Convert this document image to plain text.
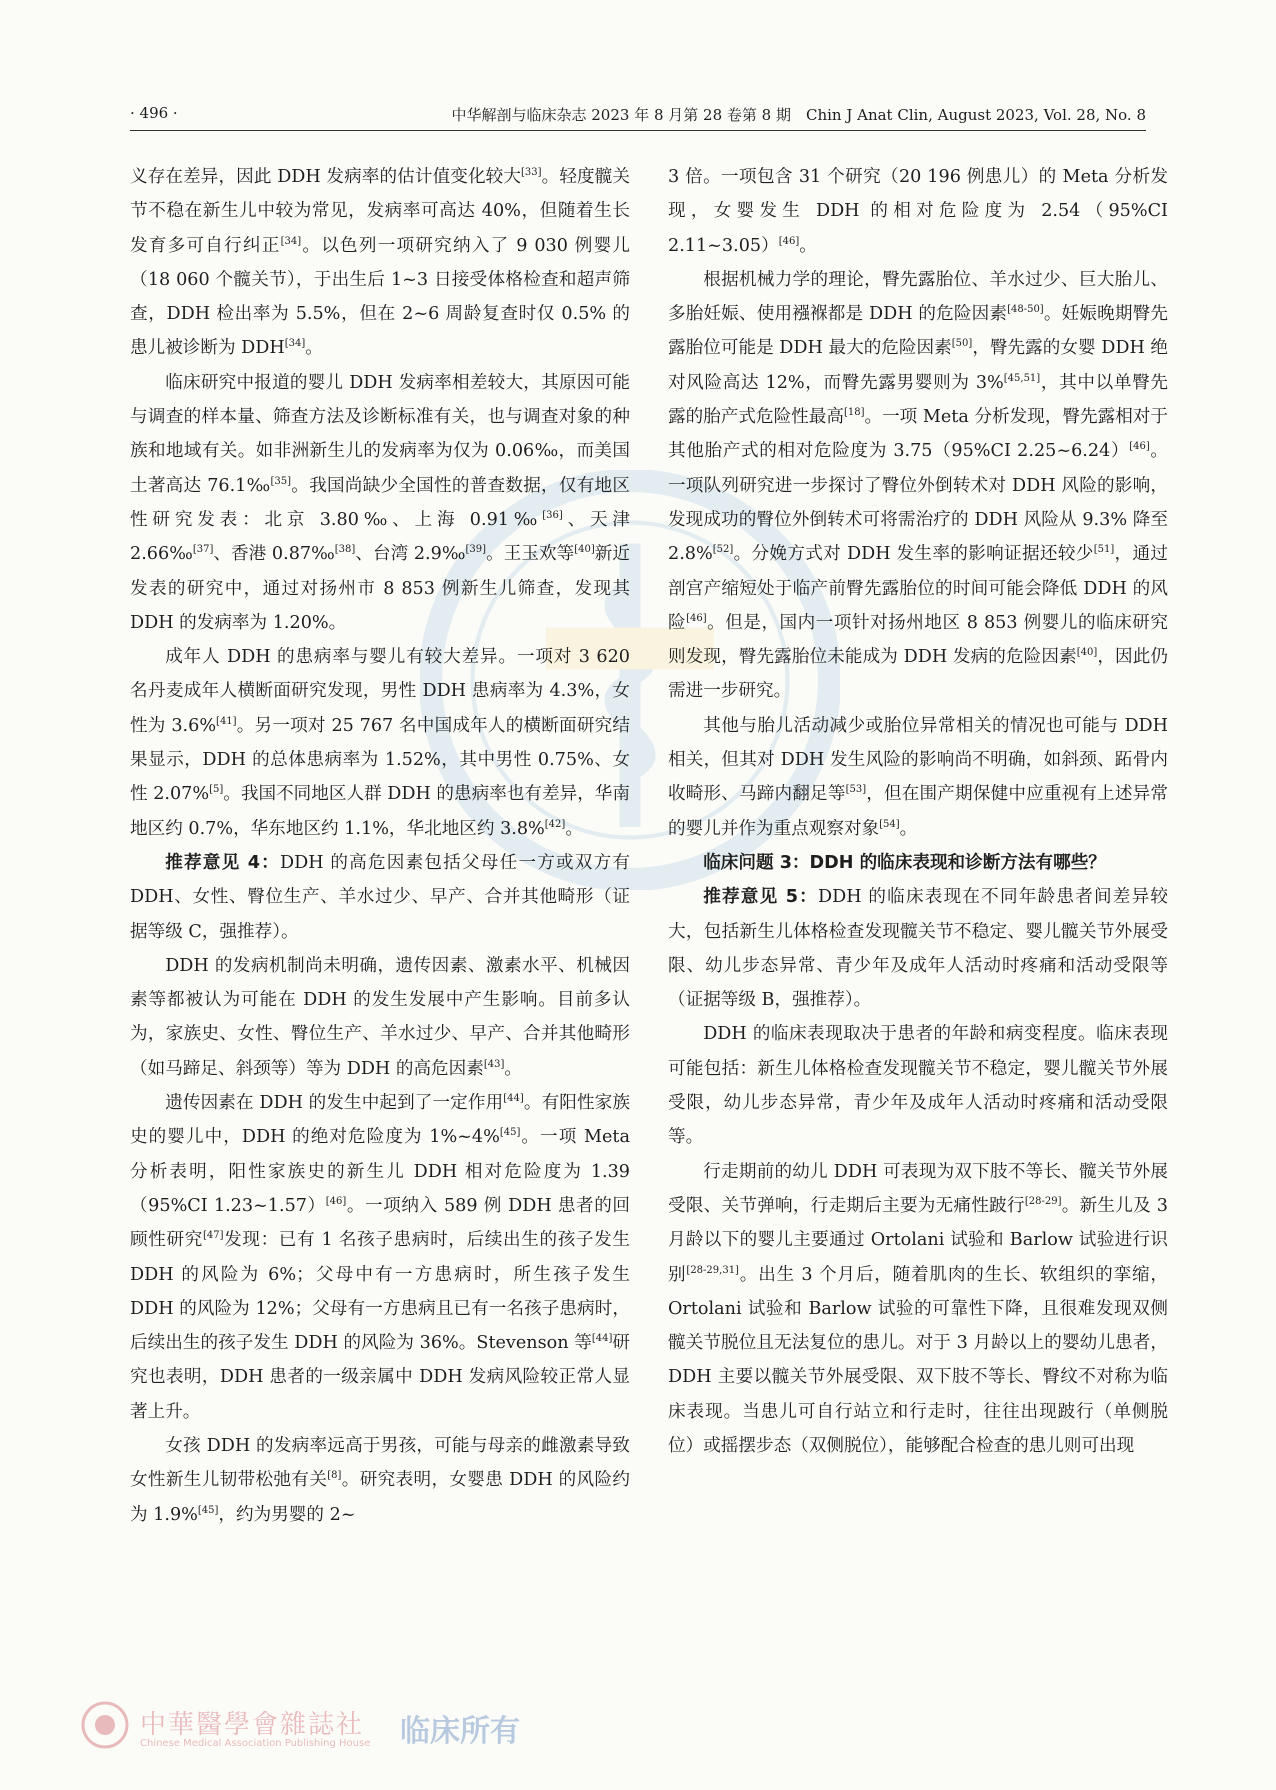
· 496 ·	中华解剖与临床杂志 2023 年 8 月第 28 卷第 8 期　Chin J Anat Clin, August 2023, Vol. 28, No. 8

义存在差异，因此 DDH 发病率的估计值变化较大[33]。轻度髋关节不稳在新生儿中较为常见，发病率可高达 40%，但随着生长发育多可自行纠正[34]。以色列一项研究纳入了 9 030 例婴儿（18 060 个髋关节），于出生后 1~3 日接受体格检查和超声筛查，DDH 检出率为 5.5%，但在 2~6 周龄复查时仅 0.5% 的患儿被诊断为 DDH[34]。

临床研究中报道的婴儿 DDH 发病率相差较大，其原因可能与调查的样本量、筛查方法及诊断标准有关，也与调查对象的种族和地域有关。如非洲新生儿的发病率为仅为 0.06‰，而美国土著高达 76.1‰[35]。我国尚缺少全国性的普查数据，仅有地区性研究发表：北京 3.80‰、上海 0.91‰[36]、天津 2.66‰[37]、香港 0.87‰[38]、台湾 2.9‰[39]。王玉欢等[40]新近发表的研究中，通过对扬州市 8 853 例新生儿筛查，发现其 DDH 的发病率为 1.20%。

成年人 DDH 的患病率与婴儿有较大差异。一项对 3 620 名丹麦成年人横断面研究发现，男性 DDH 患病率为 4.3%，女性为 3.6%[41]。另一项对 25 767 名中国成年人的横断面研究结果显示，DDH 的总体患病率为 1.52%，其中男性 0.75%、女性 2.07%[5]。我国不同地区人群 DDH 的患病率也有差异，华南地区约 0.7%，华东地区约 1.1%，华北地区约 3.8%[42]。

推荐意见 4：DDH 的高危因素包括父母任一方或双方有 DDH、女性、臀位生产、羊水过少、早产、合并其他畸形（证据等级 C，强推荐）。

DDH 的发病机制尚未明确，遗传因素、激素水平、机械因素等都被认为可能在 DDH 的发生发展中产生影响。目前多认为，家族史、女性、臀位生产、羊水过少、早产、合并其他畸形（如马蹄足、斜颈等）等为 DDH 的高危因素[43]。

遗传因素在 DDH 的发生中起到了一定作用[44]。有阳性家族史的婴儿中，DDH 的绝对危险度为 1%~4%[45]。一项 Meta 分析表明，阳性家族史的新生儿 DDH 相对危险度为 1.39（95%CI 1.23~1.57）[46]。一项纳入 589 例 DDH 患者的回顾性研究[47]发现：已有 1 名孩子患病时，后续出生的孩子发生 DDH 的风险为 6%；父母中有一方患病时，所生孩子发生 DDH 的风险为 12%；父母有一方患病且已有一名孩子患病时，后续出生的孩子发生 DDH 的风险为 36%。Stevenson 等[44]研究也表明，DDH 患者的一级亲属中 DDH 发病风险较正常人显著上升。

女孩 DDH 的发病率远高于男孩，可能与母亲的雌激素导致女性新生儿韧带松弛有关[8]。研究表明，女婴患 DDH 的风险约为 1.9%[45]，约为男婴的 2~

3 倍。一项包含 31 个研究（20 196 例患儿）的 Meta 分析发现，女婴发生 DDH 的相对危险度为 2.54（95%CI 2.11~3.05）[46]。

根据机械力学的理论，臀先露胎位、羊水过少、巨大胎儿、多胎妊娠、使用襁褓都是 DDH 的危险因素[48-50]。妊娠晚期臀先露胎位可能是 DDH 最大的危险因素[50]，臀先露的女婴 DDH 绝对风险高达 12%，而臀先露男婴则为 3%[45,51]，其中以单臀先露的胎产式危险性最高[18]。一项 Meta 分析发现，臀先露相对于其他胎产式的相对危险度为 3.75（95%CI 2.25~6.24）[46]。一项队列研究进一步探讨了臀位外倒转术对 DDH 风险的影响，发现成功的臀位外倒转术可将需治疗的 DDH 风险从 9.3% 降至 2.8%[52]。分娩方式对 DDH 发生率的影响证据还较少[51]，通过剖宫产缩短处于临产前臀先露胎位的时间可能会降低 DDH 的风险[46]。但是，国内一项针对扬州地区 8 853 例婴儿的临床研究则发现，臀先露胎位未能成为 DDH 发病的危险因素[40]，因此仍需进一步研究。

其他与胎儿活动减少或胎位异常相关的情况也可能与 DDH 相关，但其对 DDH 发生风险的影响尚不明确，如斜颈、跖骨内收畸形、马蹄内翻足等[53]，但在围产期保健中应重视有上述异常的婴儿并作为重点观察对象[54]。

临床问题 3：DDH 的临床表现和诊断方法有哪些？

推荐意见 5：DDH 的临床表现在不同年龄患者间差异较大，包括新生儿体格检查发现髋关节不稳定、婴儿髋关节外展受限、幼儿步态异常、青少年及成年人活动时疼痛和活动受限等（证据等级 B，强推荐）。

DDH 的临床表现取决于患者的年龄和病变程度。临床表现可能包括：新生儿体格检查发现髋关节不稳定，婴儿髋关节外展受限，幼儿步态异常，青少年及成年人活动时疼痛和活动受限等。

行走期前的幼儿 DDH 可表现为双下肢不等长、髋关节外展受限、关节弹响，行走期后主要为无痛性跛行[28-29]。新生儿及 3 月龄以下的婴儿主要通过 Ortolani 试验和 Barlow 试验进行识别[28-29,31]。出生 3 个月后，随着肌肉的生长、软组织的挛缩，Ortolani 试验和 Barlow 试验的可靠性下降，且很难发现双侧髋关节脱位且无法复位的患儿。对于 3 月龄以上的婴幼儿患者，DDH 主要以髋关节外展受限、双下肢不等长、臀纹不对称为临床表现。当患儿可自行站立和行走时，往往出现跛行（单侧脱位）或摇摆步态（双侧脱位），能够配合检查的患儿则可出现

中華醫學會雜誌社
Chinese Medical Association Publishing House 临床所有
